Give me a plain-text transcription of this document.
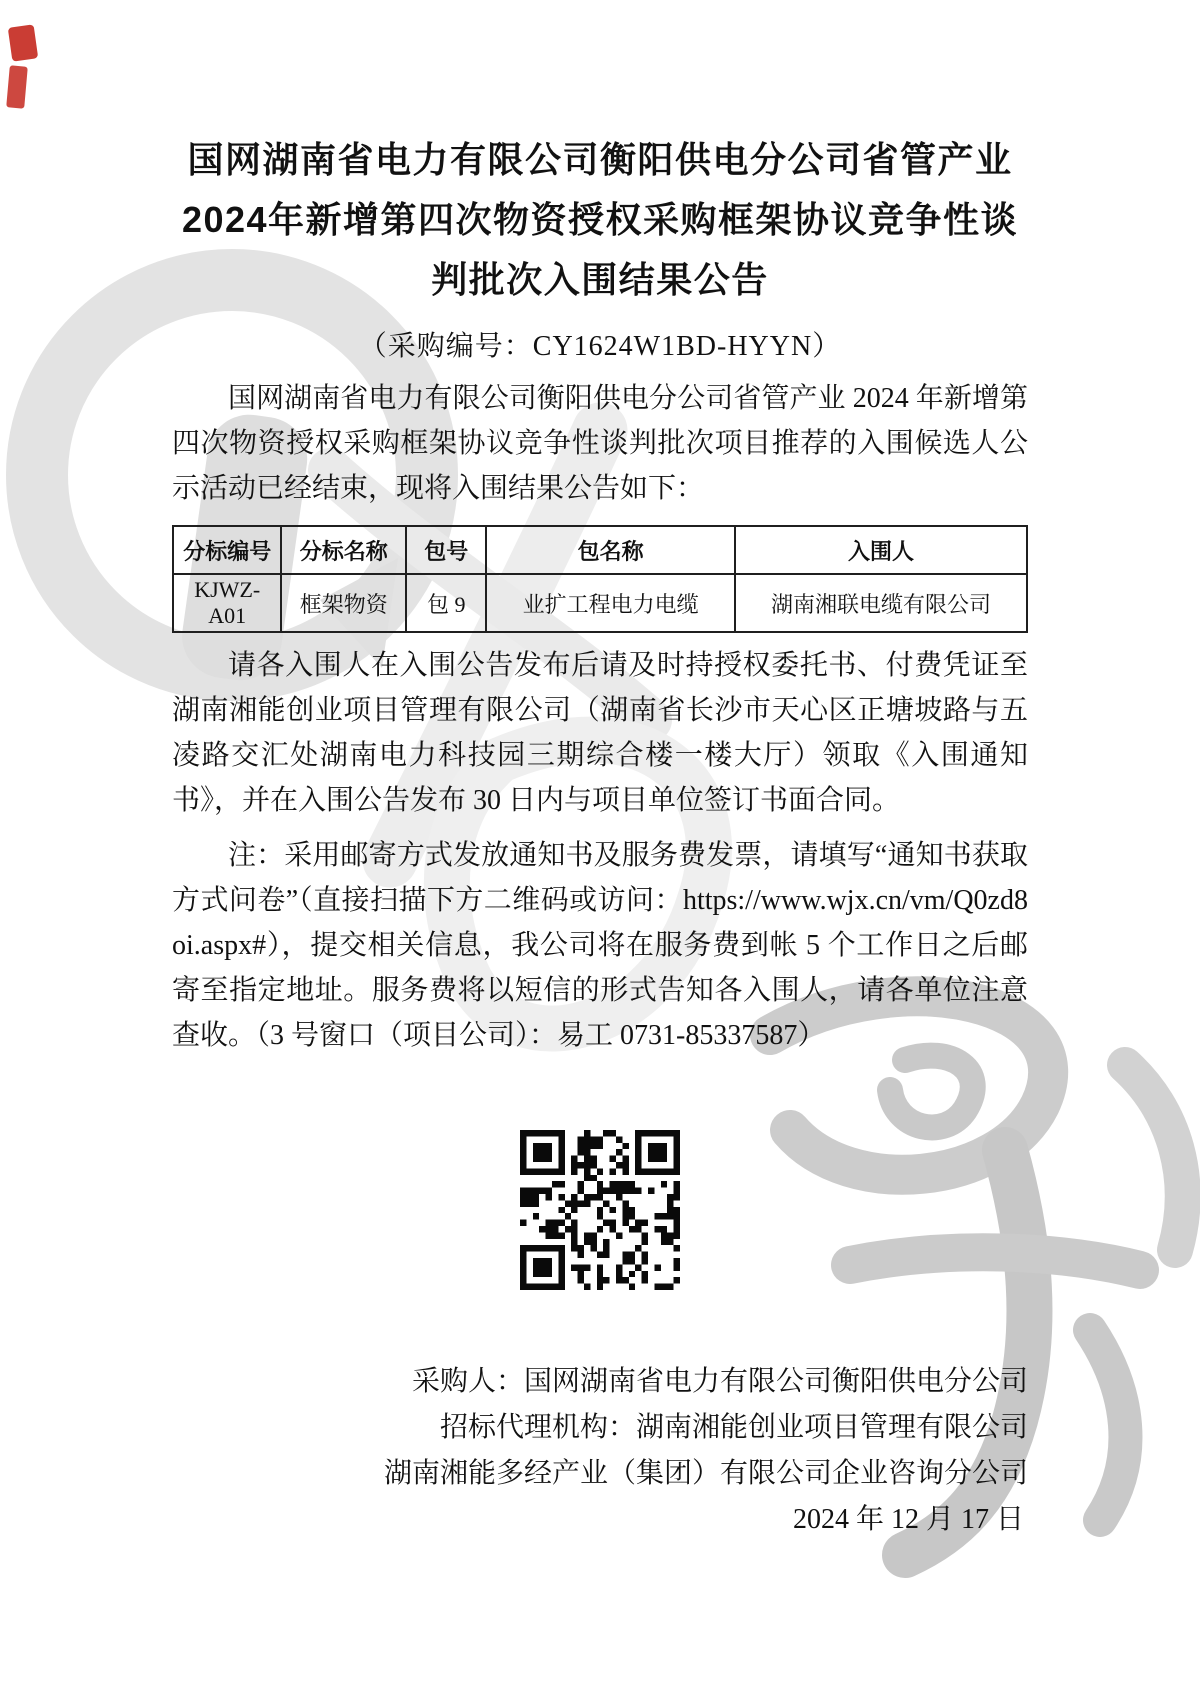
国网湖南省电力有限公司衡阳供电分公司省管产业
2024年新增第四次物资授权采购框架协议竞争性谈
判批次入围结果公告
（采购编号：CY1624W1BD-HYYN）

国网湖南省电力有限公司衡阳供电分公司省管产业 2024 年新增第四次物资授权采购框架协议竞争性谈判批次项目推荐的入围候选人公示活动已经结束，现将入围结果公告如下：

分标编号	分标名称	包号	包名称	入围人
KJWZ-A01	框架物资	包 9	业扩工程电力电缆	湖南湘联电缆有限公司

请各入围人在入围公告发布后请及时持授权委托书、付费凭证至湖南湘能创业项目管理有限公司（湖南省长沙市天心区正塘坡路与五凌路交汇处湖南电力科技园三期综合楼一楼大厅）领取《入围通知书》，并在入围公告发布 30 日内与项目单位签订书面合同。

注：采用邮寄方式发放通知书及服务费发票，请填写“通知书获取方式问卷”（直接扫描下方二维码或访问：https://www.wjx.cn/vm/Q0zd8oi.aspx#），提交相关信息，我公司将在服务费到帐 5 个工作日之后邮寄至指定地址。服务费将以短信的形式告知各入围人，请各单位注意查收。（3 号窗口（项目公司）：易工 0731-85337587）

采购人：国网湖南省电力有限公司衡阳供电分公司
招标代理机构：湖南湘能创业项目管理有限公司
湖南湘能多经产业（集团）有限公司企业咨询分公司
2024 年 12 月 17 日
